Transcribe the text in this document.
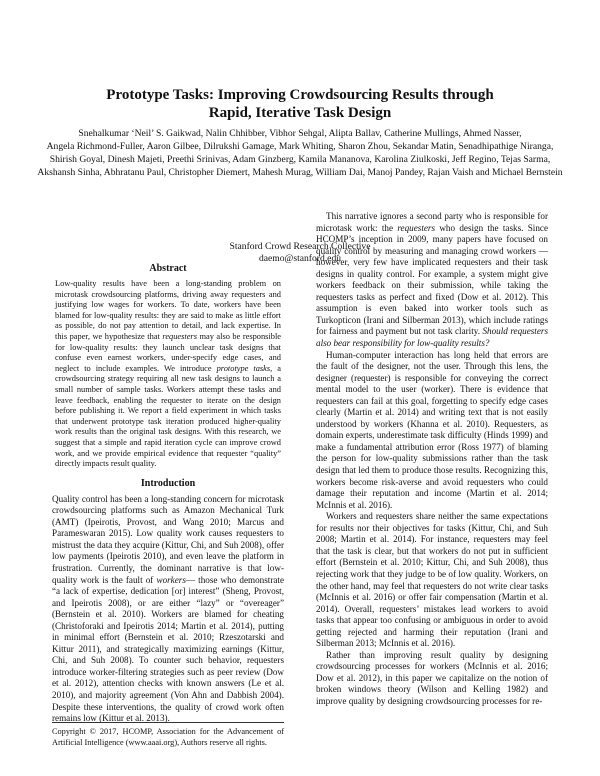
Prototype Tasks: Improving Crowdsourcing Results through
Rapid, Iterative Task Design
Snehalkumar ‘Neil’ S. Gaikwad, Nalin Chhibber, Vibhor Sehgal, Alipta Ballav, Catherine Mullings, Ahmed Nasser,
Angela Richmond-Fuller, Aaron Gilbee, Dilrukshi Gamage, Mark Whiting, Sharon Zhou, Sekandar Matin, Senadhipathige Niranga,
Shirish Goyal, Dinesh Majeti, Preethi Srinivas, Adam Ginzberg, Kamila Mananova, Karolina Ziulkoski, Jeff Regino, Tejas Sarma,
Akshansh Sinha, Abhratanu Paul, Christopher Diemert, Mahesh Murag, William Dai, Manoj Pandey, Rajan Vaish and Michael Bernstein
Stanford Crowd Research Collective
daemo@stanford.edu
Abstract

Low-quality results have been a long-standing problem on microtask crowdsourcing platforms, driving away requesters and justifying low wages for workers. To date, workers have been blamed for low-quality results: they are said to make as little effort as possible, do not pay attention to detail, and lack expertise. In this paper, we hypothesize that requesters may also be responsible for low-quality results: they launch unclear task designs that confuse even earnest workers, under-specify edge cases, and neglect to include examples. We introduce prototype tasks, a crowdsourcing strategy requiring all new task designs to launch a small number of sample tasks. Workers attempt these tasks and leave feedback, enabling the requester to iterate on the design before publishing it. We report a field experiment in which tasks that underwent prototype task iteration produced higher-quality work results than the original task designs. With this research, we suggest that a simple and rapid iteration cycle can improve crowd work, and we provide empirical evidence that requester “quality” directly impacts result quality.

Introduction

Quality control has been a long-standing concern for microtask crowdsourcing platforms such as Amazon Mechanical Turk (AMT) (Ipeirotis, Provost, and Wang 2010; Marcus and Parameswaran 2015). Low quality work causes requesters to mistrust the data they acquire (Kittur, Chi, and Suh 2008), offer low payments (Ipeirotis 2010), and even leave the platform in frustration. Currently, the dominant narrative is that low-quality work is the fault of workers— those who demonstrate “a lack of expertise, dedication [or] interest” (Sheng, Provost, and Ipeirotis 2008), or are either “lazy” or “overeager” (Bernstein et al. 2010). Workers are blamed for cheating (Christoforaki and Ipeirotis 2014; Martin et al. 2014), putting in minimal effort (Bernstein et al. 2010; Rzeszotarski and Kittur 2011), and strategically maximizing earnings (Kittur, Chi, and Suh 2008). To counter such behavior, requesters introduce worker-filtering strategies such as peer review (Dow et al. 2012), attention checks with known answers (Le et al. 2010), and majority agreement (Von Ahn and Dabbish 2004). Despite these interventions, the quality of crowd work often remains low (Kittur et al. 2013).

Copyright © 2017, HCOMP, Association for the Advancement of Artificial Intelligence (www.aaai.org), Authors reserve all rights.

This narrative ignores a second party who is responsible for microtask work: the requesters who design the tasks. Since HCOMP’s inception in 2009, many papers have focused on quality control by measuring and managing crowd workers — however, very few have implicated requesters and their task designs in quality control. For example, a system might give workers feedback on their submission, while taking the requesters tasks as perfect and fixed (Dow et al. 2012). This assumption is even baked into worker tools such as Turkopticon (Irani and Silberman 2013), which include ratings for fairness and payment but not task clarity. Should requesters also bear responsibility for low-quality results?

Human-computer interaction has long held that errors are the fault of the designer, not the user. Through this lens, the designer (requester) is responsible for conveying the correct mental model to the user (worker). There is evidence that requesters can fail at this goal, forgetting to specify edge cases clearly (Martin et al. 2014) and writing text that is not easily understood by workers (Khanna et al. 2010). Requesters, as domain experts, underestimate task difficulty (Hinds 1999) and make a fundamental attribution error (Ross 1977) of blaming the person for low-quality submissions rather than the task design that led them to produce those results. Recognizing this, workers become risk-averse and avoid requesters who could damage their reputation and income (Martin et al. 2014; McInnis et al. 2016).

Workers and requesters share neither the same expectations for results nor their objectives for tasks (Kittur, Chi, and Suh 2008; Martin et al. 2014). For instance, requesters may feel that the task is clear, but that workers do not put in sufficient effort (Bernstein et al. 2010; Kittur, Chi, and Suh 2008), thus rejecting work that they judge to be of low quality. Workers, on the other hand, may feel that requesters do not write clear tasks (McInnis et al. 2016) or offer fair compensation (Martin et al. 2014). Overall, requesters’ mistakes lead workers to avoid tasks that appear too confusing or ambiguous in order to avoid getting rejected and harming their reputation (Irani and Silberman 2013; McInnis et al. 2016).

Rather than improving result quality by designing crowdsourcing processes for workers (McInnis et al. 2016; Dow et al. 2012), in this paper we capitalize on the notion of broken windows theory (Wilson and Kelling 1982) and improve quality by designing crowdsourcing processes for re-
